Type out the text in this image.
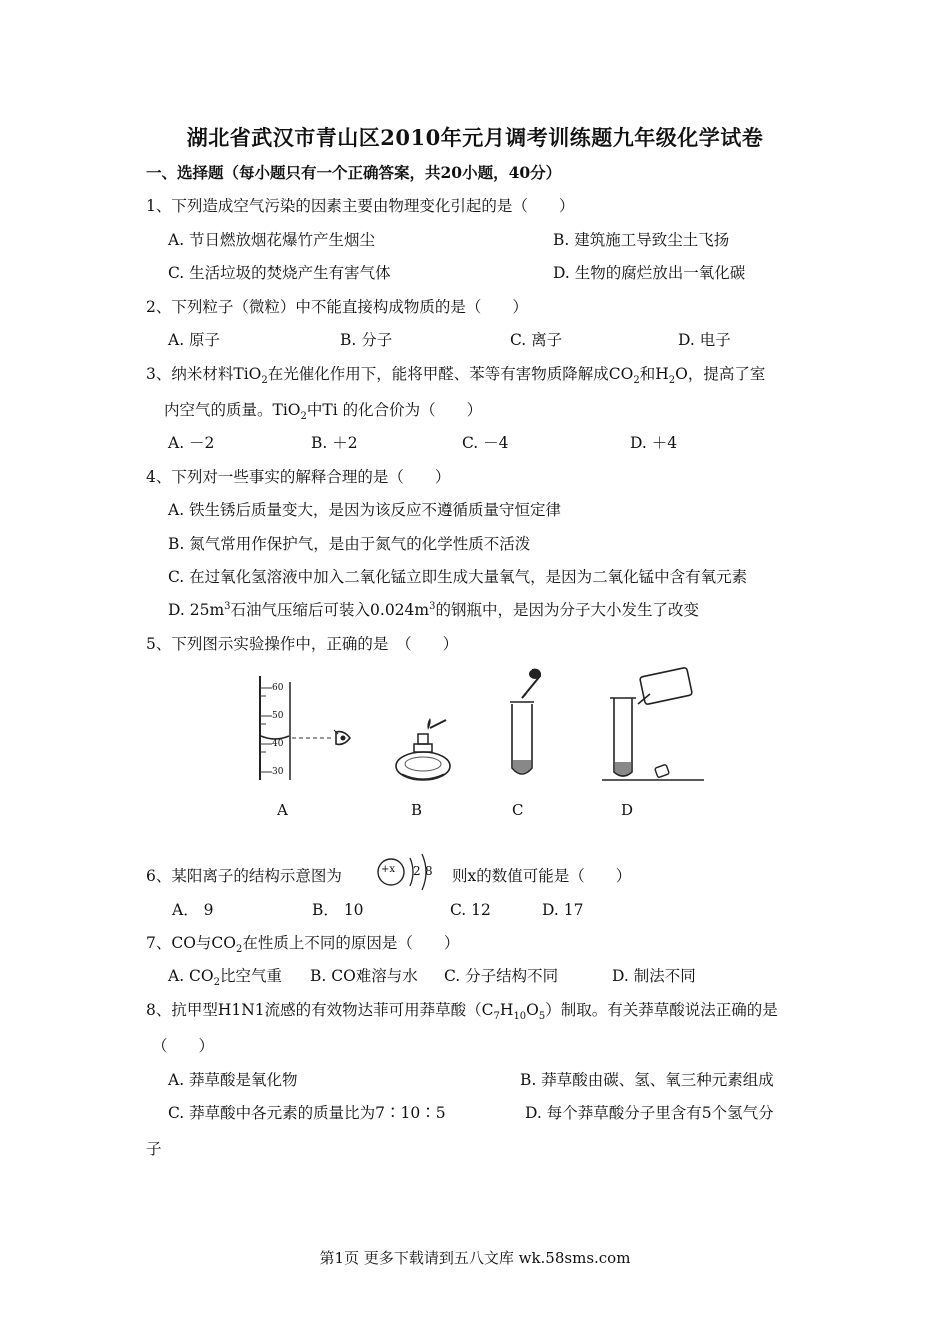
湖北省武汉市青山区2010年元月调考训练题九年级化学试卷
一、选择题（每小题只有一个正确答案，共20小题，40分）
1、下列造成空气污染的因素主要由物理变化引起的是（　　）
A. 节日燃放烟花爆竹产生烟尘	B. 建筑施工导致尘土飞扬
C. 生活垃圾的焚烧产生有害气体	D. 生物的腐烂放出一氧化碳
2、下列粒子（微粒）中不能直接构成物质的是（　　）
A. 原子	B. 分子	C. 离子	D. 电子
3、纳米材料TiO$_2$在光催化作用下，能将甲醛、苯等有害物质降解成$CO_2$和$H_2O$，提高了室
内空气的质量。TiO$_2$中Ti 的化合价为（　　）
A. －2	B. ＋2	C. －4	D. ＋4
4、下列对一些事实的解释合理的是（　　）
A. 铁生锈后质量变大，是因为该反应不遵循质量守恒定律
B. 氮气常用作保护气，是由于氮气的化学性质不活泼
C. 在过氧化氢溶液中加入二氧化锰立即生成大量氧气，是因为二氧化锰中含有氧元素
D. $25m^3$石油气压缩后可装入$0.024m^3$的钢瓶中，是因为分子大小发生了改变
5、下列图示实验操作中，正确的是　（　　）
60
50
40
30
A	B	C	D
6、某阳离子的结构示意图为	+x 2 8 则x的数值可能是（　　）
A． 9	B． 10	C. 12	D. 17
7、CO与$CO_2$在性质上不同的原因是（　　）
A. $CO_2$比空气重 B. CO难溶与水 C. 分子结构不同	D. 制法不同
8、抗甲型H1N1流感的有效物达菲可用莽草酸$(C_7H_{10}O_5)$制取。有关莽草酸说法正确的是
（　　）
A. 莽草酸是氧化物	B. 莽草酸由碳、氢、氧三种元素组成
C. 莽草酸中各元素的质量比为7∶10∶5	D. 每个莽草酸分子里含有5个氢气分
子
第1页 更多下载请到五八文库 wk.58sms.com
